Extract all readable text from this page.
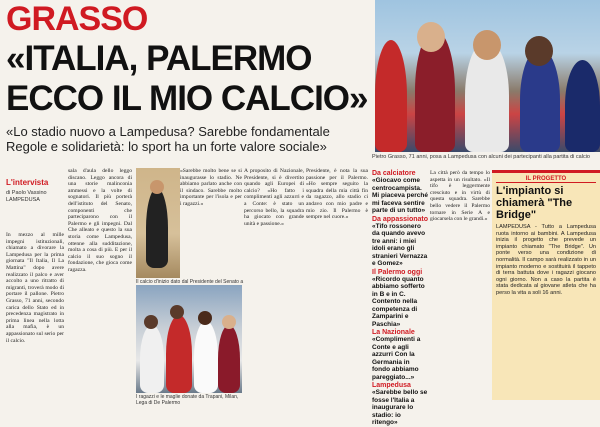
GRASSO
«ITALIA, PALERMO
ECCO IL MIO CALCIO»
«Lo stadio nuovo a Lampedusa? Sarebbe fondamentale Regole e solidarietà: lo sport ha un forte valore sociale»
Pietro Grasso, 71 anni, posa a Lampedusa con alcuni dei partecipanti alla partita di calcio
L'intervista
di Paolo Vassino LAMPEDUSA
In mezzo al mille impegni istituzionali, chiamato a divorare la Lampedusa per la prima giornata "Il Italia, Il La Mattina" dopo avere realizzato il palco e aver accolto a uno ritratto di migranti, troverà modo di portare il pallone. Pietro Grasso, 71 anni, secondo carica dello Stato ed in precedenza magistrato in prima linea nella lotta alla mafia, è un appassionato sul serio per il calcio.
sala d'aula dello leggo discano. Leggo ancora di una storie malinconia ammessi e la volte di sognatori. Il più porterà dell'istituto del Senato, componenti che parteciparono con il Palermo e gli impegni. Dal Che alleato e questo la sua storia come Lampedusa, ottenne alla sudditazione, molta a cosa di più. E per il calcio il suo sogno il fondazione, che gioca come ragazza.
«Sarebbe molto bene se si inaugurasse lo stadio. Ne abbiamo parlato anche con il sindaco. Sarebbe molto importante per l'isola e per i ragazzi.»
Il calcio d'inizio dato dal Presidente del Senato a
I ragazzi e le maglie donate da Trapani, Milan, Lega di De Palermo
A proposito di Nazionale, Presidente, si è divertito quando agli Europei di calcio? «Ho fatto i complimenti agli azzurri e a Conte: è stato un percorso bello, la squadra ha giocato con grande unità e passione.»
Presidente, è nota la sua passione per il Palermo. «Ho sempre seguito la squadra della mia città fin da ragazzo, allo stadio ci andavo con mio padre e mio zio. Il Palermo è sempre nel cuore.»
Da calciatore
«Giocavo come centrocampista. Mi piaceva perché mi faceva sentire parte di un tutto»
Da appassionato
«Tifo rossonero da quando avevo tre anni: i miei idoli erano gli stranieri Vernazza e Gomez»
Il Palermo oggi
«Ricordo quanto abbiamo sofferto in B e in C. Contento nella competenza di Zamparini e Paschia»
La Nazionale
«Complimenti a Conte e agli azzurri Con la Germania in fondo abbiamo pareggiato...»
Lampedusa
«Sarebbe bello se fosse l'Italia a inaugurare lo stadio: io ritengo»
La città però da tempo lo aspetta in un risultato. «Il tifo è leggermente cresciuto e in virtù di questa squadra. Sarebbe bello vedere il Palermo tornare in Serie A e giocarsela con le grandi.»
IL PROGETTO
L'impianto si chiamerà "The Bridge"
LAMPEDUSA - Tutto a Lampedusa ruota intorno ai bambini. A Lampedusa inizia il progetto che prevede un impianto chiamato "The Bridge". Un ponte verso una condizione di normalità. Il campo sarà realizzato in un impianto moderno e sostituirà il tappeto di terra battuta dove i ragazzi giocano ogni giorno. Non a caso la partita è stata dedicata al giovane atleta che ha perso la vita a soli 16 anni.
